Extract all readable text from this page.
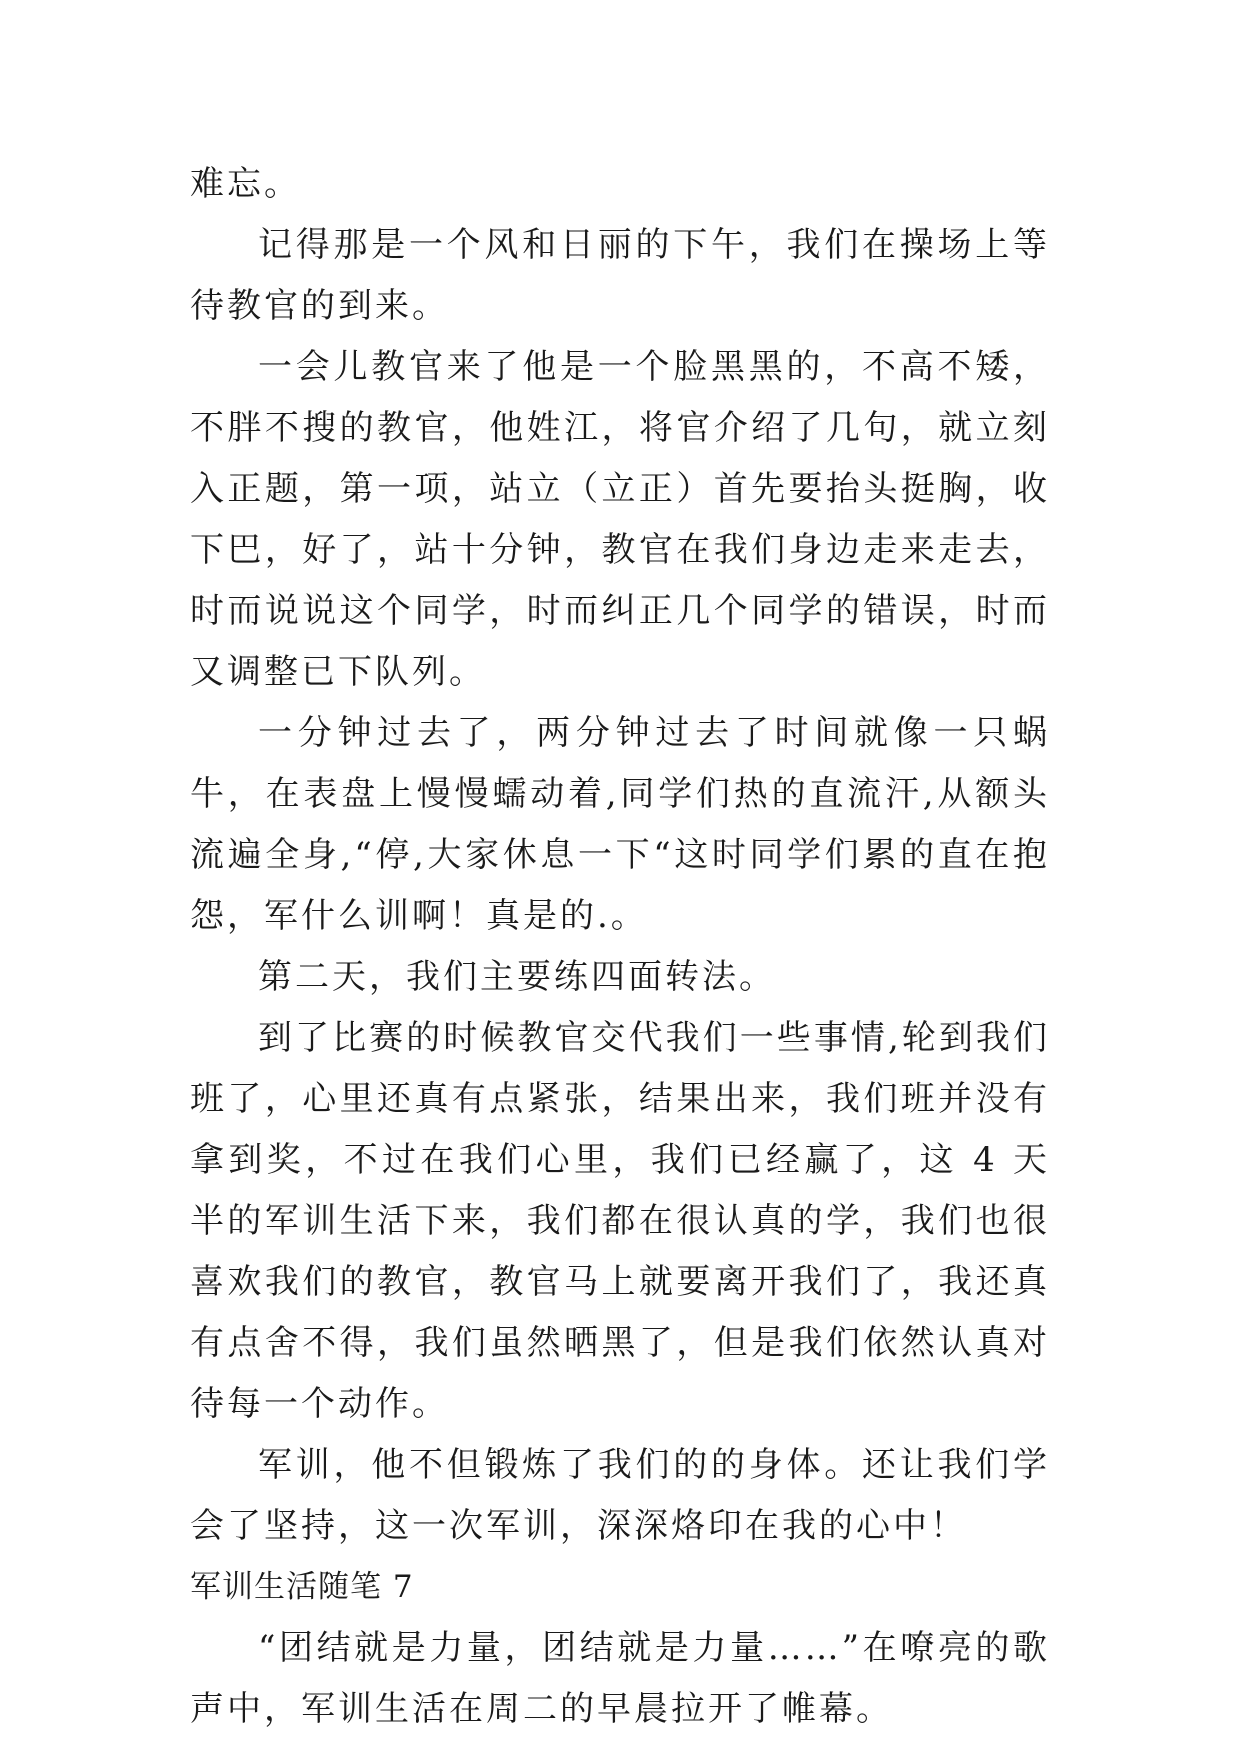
难忘。

记得那是一个风和日丽的下午，我们在操场上等待教官的到来。

一会儿教官来了他是一个脸黑黑的，不高不矮，不胖不搜的教官，他姓江，将官介绍了几句，就立刻入正题，第一项，站立（立正）首先要抬头挺胸，收下巴，好了，站十分钟，教官在我们身边走来走去，时而说说这个同学，时而纠正几个同学的错误，时而又调整已下队列。

一分钟过去了，两分钟过去了时间就像一只蜗牛，在表盘上慢慢蠕动着,同学们热的直流汗,从额头流遍全身,“停,大家休息一下“这时同学们累的直在抱怨，军什么训啊！真是的.。

第二天，我们主要练四面转法。

到了比赛的时候教官交代我们一些事情,轮到我们班了，心里还真有点紧张，结果出来，我们班并没有拿到奖，不过在我们心里，我们已经赢了，这 4 天半的军训生活下来，我们都在很认真的学，我们也很喜欢我们的教官，教官马上就要离开我们了，我还真有点舍不得，我们虽然晒黑了，但是我们依然认真对待每一个动作。

军训，他不但锻炼了我们的的身体。还让我们学会了坚持，这一次军训，深深烙印在我的心中！

军训生活随笔 7

“团结就是力量，团结就是力量……”在嘹亮的歌声中，军训生活在周二的早晨拉开了帷幕。
